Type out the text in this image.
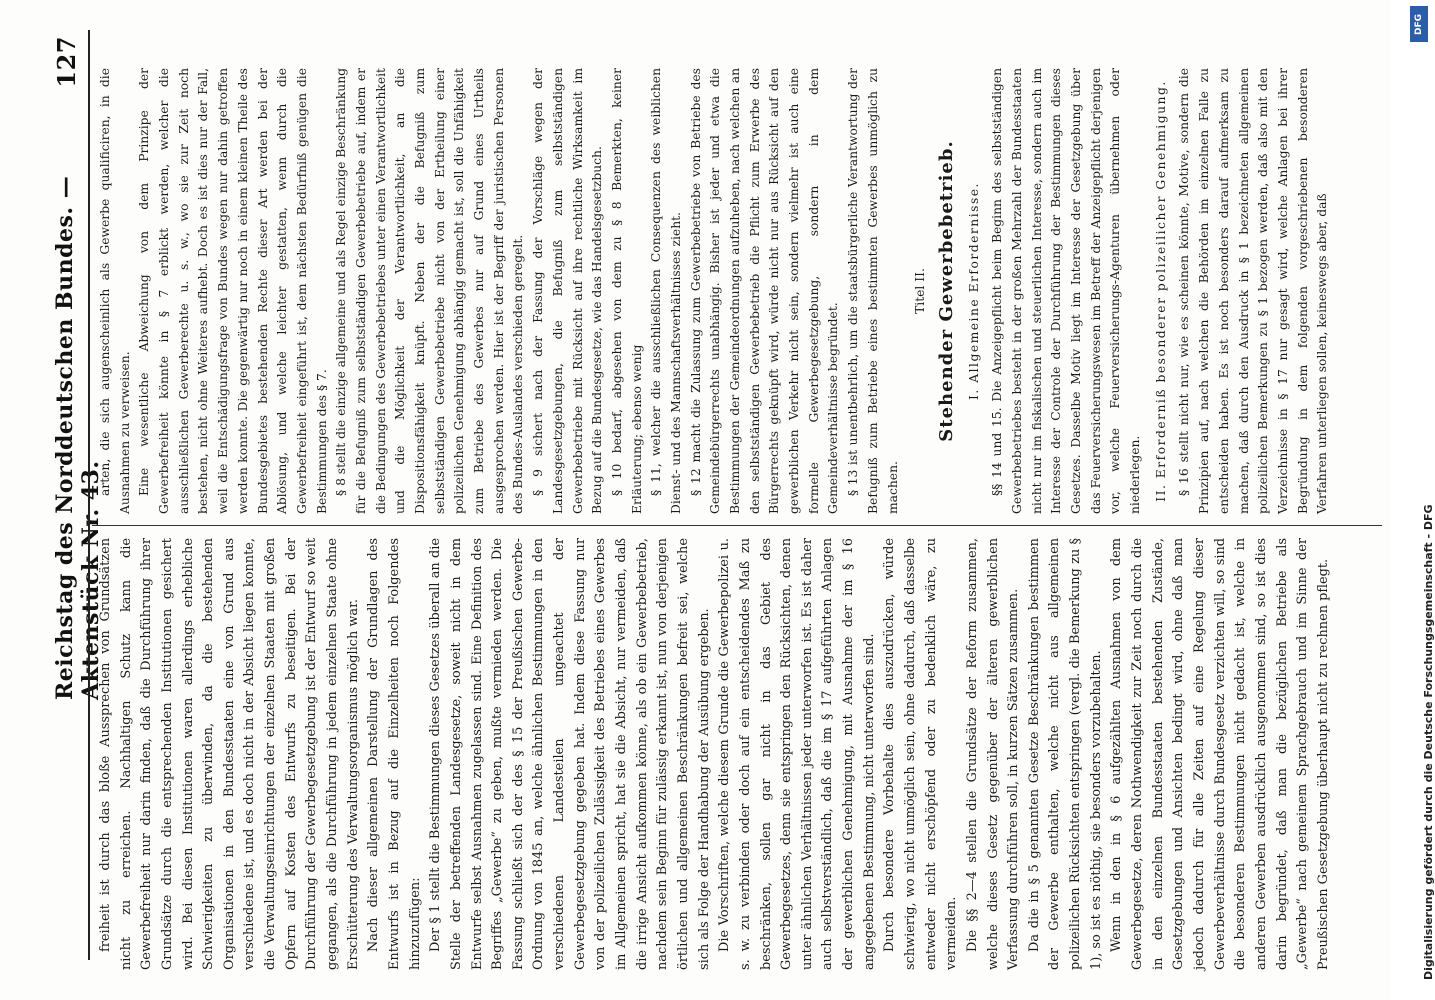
Reichstag des Norddeutschen Bundes. — Aktenstück Nr. 43.
127

freiheit ist durch das bloße Aussprechen von Grundsätzen nicht zu erreichen. Nachhaltigen Schutz kann die Gewerbefreiheit nur darin finden, daß die Durchführung ihrer Grundsätze durch die entsprechenden Institutionen gesichert wird. Bei diesen Institutionen waren allerdings erhebliche Schwierigkeiten zu überwinden, da die bestehenden Organisationen in den Bundesstaaten eine von Grund aus verschiedene ist, und es doch nicht in der Absicht liegen konnte, die Verwaltungseinrichtungen der einzelnen Staaten mit großen Opfern auf Kosten des Entwurfs zu beseitigen. Bei der Durchführung der Gewerbegesetzgebung ist der Entwurf so weit gegangen, als die Durchführung in jedem einzelnen Staate ohne Erschütterung des Verwaltungsorganismus möglich war. Nach dieser allgemeinen Darstellung der Grundlagen des Entwurfs ist in Bezug auf die Einzelheiten noch Folgendes hinzuzufügen: Der § 1 stellt die Bestimmungen dieses Gesetzes überall an die Stelle der betreffenden Landesgesetze, soweit nicht in dem Entwurfe selbst Ausnahmen zugelassen sind. Eine Definition des Begriffes „Gewerbe“ zu geben, mußte vermieden werden. Die Fassung schließt sich der des § 15 der Preußischen Gewerbe-Ordnung von 1845 an, welche ähnlichen Bestimmungen in den verschiedenen Landesteilen ungeachtet der Gewerbegesetzgebung gegeben hat. Indem diese Fassung nur von der polizeilichen Zulässigkeit des Betriebes eines Gewerbes im Allgemeinen spricht, hat sie die Absicht, nur vermeiden, daß die irrige Ansicht aufkommen könne, als ob ein Gewerbebetrieb, nachdem sein Beginn für zulässig erkannt ist, nun von derjenigen örtlichen und allgemeinen Beschränkungen befreit sei, welche sich als Folge der Handhabung der Ausübung ergeben. Die Vorschriften, welche diesem Grunde die Gewerbepolizei u. s. w. zu verbinden oder doch auf ein entscheidendes Maß zu beschränken, sollen gar nicht in das Gebiet des Gewerbegesetzes, denn sie entspringen den Rücksichten, denen unter ähnlichen Verhältnissen jeder unterworfen ist. Es ist daher auch selbstverständlich, daß die im § 17 aufgeführten Anlagen der gewerblichen Genehmigung, mit Ausnahme der im § 16 angegebenen Bestimmung, nicht unterworfen sind. Durch besondere Vorbehalte dies auszudrücken, würde schwierig, wo nicht unmöglich sein, ohne dadurch, daß dasselbe entweder nicht erschöpfend oder zu bedenklich wäre, zu vermeiden. Die §§ 2—4 stellen die Grundsätze der Reform zusammen, welche dieses Gesetz gegenüber der älteren gewerblichen Verfassung durchführen soll, in kurzen Sätzen zusammen. Da die in § 5 genannten Gesetze Beschränkungen bestimmen der Gewerbe enthalten, welche nicht aus allgemeinen polizeilichen Rücksichten entspringen (vergl. die Bemerkung zu § 1), so ist es nöthig, sie besonders vorzubehalten. Wenn in den in § 6 aufgezählten Ausnahmen von dem Gewerbegesetze, deren Nothwendigkeit zur Zeit noch durch die in den einzelnen Bundesstaaten bestehenden Zustände, Gesetzgebungen und Ansichten bedingt wird, ohne daß man jedoch dadurch für alle Zeiten auf eine Regelung dieser Gewerbeverhältnisse durch Bundesgesetz verzichten will, so sind die besonderen Bestimmungen nicht gedacht ist, welche in anderen Gewerben ausdrücklich ausgenommen sind, so ist dies darin begründet, daß man die bezüglichen Betriebe als „Gewerbe“ nach gemeinem Sprachgebrauch und im Sinne der Preußischen Gesetzgebung überhaupt nicht zu rechnen pflegt.

arten, die sich augenscheinlich als Gewerbe qualificiren, in die Ausnahmen zu verweisen. Eine wesentliche Abweichung von dem Prinzipe der Gewerbefreiheit könnte in § 7 erblickt werden, welcher die ausschließlichen Gewerberechte u. s. w., wo sie zur Zeit noch bestehen, nicht ohne Weiteres aufhebt. Doch es ist dies nur der Fall, weil die Entschädigungsfrage von Bundes wegen nur dahin getroffen werden konnte. Die gegenwärtig nur noch in einem kleinen Theile des Bundesgebietes bestehenden Rechte dieser Art werden bei der Ablösung, und welche leichter gestatten, wenn durch die Gewerbefreiheit eingeführt ist, dem nächsten Bedürfniß genügen die Bestimmungen des § 7. § 8 stellt die einzige allgemeine und als Regel einzige Beschränkung für die Befugniß zum selbstständigen Gewerbebetriebe auf, indem er die Bedingungen des Gewerbebetriebes unter einen Verantwortlichkeit und die Möglichkeit der Verantwortlichkeit, an die Dispositionsfähigkeit knüpft. Neben der die Befugniß zum selbstständigen Gewerbebetriebe nicht von der Ertheilung einer polizeilichen Genehmigung abhängig gemacht ist, soll die Unfähigkeit zum Betriebe des Gewerbes nur auf Grund eines Urtheils ausgesprochen werden. Hier ist der Begriff der juristischen Personen des Bundes-Auslandes verschieden geregelt. § 9 sichert nach der Fassung der Vorschläge wegen der Landesgesetzgebungen, die Befugniß zum selbstständigen Gewerbebetriebe mit Rücksicht auf ihre rechtliche Wirksamkeit im Bezug auf die Bundesgesetze, wie das Handelsgesetzbuch. § 10 bedarf, abgesehen von dem zu § 8 Bemerkten, keiner Erläuterung; ebenso wenig § 11, welcher die ausschließlichen Consequenzen des weiblichen Dienst- und des Mannschaftsverhältnisses zieht. § 12 macht die Zulassung zum Gewerbebetriebe von Betriebe des Gemeindebürgerrechts unabhängig. Bisher ist jeder und etwa die Bestimmungen der Gemeindeordnungen aufzuheben, nach welchen an den selbstständigen Gewerbebetrieb die Pflicht zum Erwerbe des Bürgerrechts geknüpft wird, würde nicht nur aus Rücksicht auf den gewerblichen Verkehr nicht sein, sondern vielmehr ist auch eine formelle Gewerbegesetzgebung, sondern in dem Gemeindeverhältnisse begründet. § 13 ist unentbehrlich, um die staatsbürgerliche Verantwortung der Befugniß zum Betriebe eines bestimmten Gewerbes unmöglich zu machen.

Titel II. Stehender Gewerbebetrieb. I. Allgemeine Erfordernisse. §§ 14 und 15. Die Anzeigepflicht beim Beginn des selbstständigen Gewerbebetriebes besteht in der großen Mehrzahl der Bundesstaaten nicht nur im fiskalischen und steuerlichen Interesse, sondern auch im Interesse der Controle der Durchführung der Bestimmungen dieses Gesetzes. Dasselbe Motiv liegt im Interesse der Gesetzgebung über das Feuerversicherungswesen im Betreff der Anzeigepflicht derjenigen vor, welche Feuerversicherungs-Agenturen übernehmen oder niederlegen. II. Erforderniß besonderer polizeilicher Genehmigung. § 16 stellt nicht nur, wie es scheinen könnte, Motive, sondern die Prinzipien auf, nach welchen die Behörden im einzelnen Falle zu entscheiden haben. Es ist noch besonders darauf aufmerksam zu machen, daß durch den Ausdruck in § 1 bezeichneten allgemeinen polizeilichen Bemerkungen zu § 1 bezogen werden, daß also mit den Verzeichnisse in § 17 nur gesagt wird, welche Anlagen bei ihrer Begründung in dem folgenden vorgeschriebenen besonderen Verfahren unterliegen sollen, keineswegs aber, daß

DFG
Digitalisierung gefördert durch die Deutsche Forschungsgemeinschaft - DFG
